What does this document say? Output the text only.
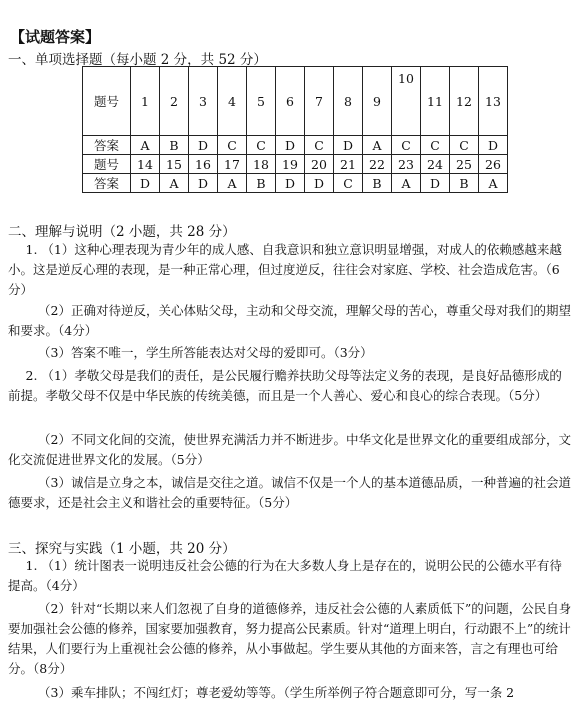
【试题答案】
一、单项选择题（每小题 2 分，共 52 分）
题号	1	2	3	4	5	6	7	8	9	10	11	12	13
答案	A	B	D	C	C	D	C	D	A	C	C	C	D
题号	14	15	16	17	18	19	20	21	22	23	24	25	26
答案	D	A	D	A	B	D	D	C	B	A	D	B	A
二、理解与说明（2 小题，共 28 分）
1. （1）这种心理表现为青少年的成人感、自我意识和独立意识明显增强，对成人的依赖感越来越小。这是逆反心理的表现，是一种正常心理，但过度逆反，往往会对家庭、学校、社会造成危害。（6分）
（2）正确对待逆反，关心体贴父母，主动和父母交流，理解父母的苦心，尊重父母对我们的期望和要求。（4分）
（3）答案不唯一，学生所答能表达对父母的爱即可。（3分）
2. （1）孝敬父母是我们的责任，是公民履行赡养扶助父母等法定义务的表现，是良好品德形成的前提。孝敬父母不仅是中华民族的传统美德，而且是一个人善心、爱心和良心的综合表现。（5分）
（2）不同文化间的交流，使世界充满活力并不断进步。中华文化是世界文化的重要组成部分，文化交流促进世界文化的发展。（5分）
（3）诚信是立身之本，诚信是交往之道。诚信不仅是一个人的基本道德品质，一种普遍的社会道德要求，还是社会主义和谐社会的重要特征。（5分）
三、探究与实践（1 小题，共 20 分）
1. （1）统计图表一说明违反社会公德的行为在大多数人身上是存在的，说明公民的公德水平有待提高。（4分）
（2）针对“长期以来人们忽视了自身的道德修养，违反社会公德的人素质低下”的问题，公民自身要加强社会公德的修养，国家要加强教育，努力提高公民素质。针对“道理上明白，行动跟不上”的统计结果，人们要行为上重视社会公德的修养，从小事做起。学生要从其他的方面来答，言之有理也可给分。（8分）
（3）乘车排队；不闯红灯；尊老爱幼等等。（学生所举例子符合题意即可分，写一条 2
